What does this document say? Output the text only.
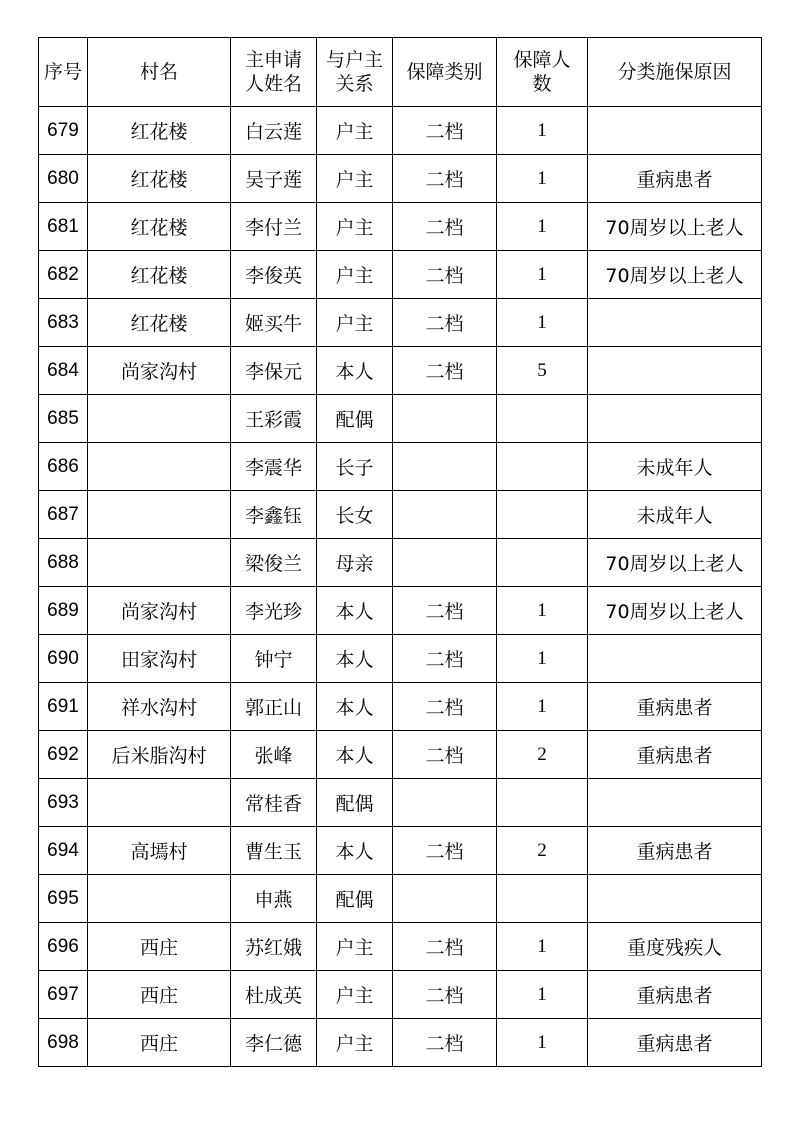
序号	村名	主申请人姓名	与户主关系	保障类别	保障人数	分类施保原因
679	红花楼	白云莲	户主	二档	1	
680	红花楼	吴子莲	户主	二档	1	重病患者
681	红花楼	李付兰	户主	二档	1	70周岁以上老人
682	红花楼	李俊英	户主	二档	1	70周岁以上老人
683	红花楼	姬买牛	户主	二档	1	
684	尚家沟村	李保元	本人	二档	5	
685		王彩霞	配偶			
686		李震华	长子			未成年人
687		李鑫钰	长女			未成年人
688		梁俊兰	母亲			70周岁以上老人
689	尚家沟村	李光珍	本人	二档	1	70周岁以上老人
690	田家沟村	钟宁	本人	二档	1	
691	祥水沟村	郭正山	本人	二档	1	重病患者
692	后米脂沟村	张峰	本人	二档	2	重病患者
693		常桂香	配偶			
694	高墕村	曹生玉	本人	二档	2	重病患者
695		申燕	配偶			
696	西庄	苏红娥	户主	二档	1	重度残疾人
697	西庄	杜成英	户主	二档	1	重病患者
698	西庄	李仁德	户主	二档	1	重病患者
